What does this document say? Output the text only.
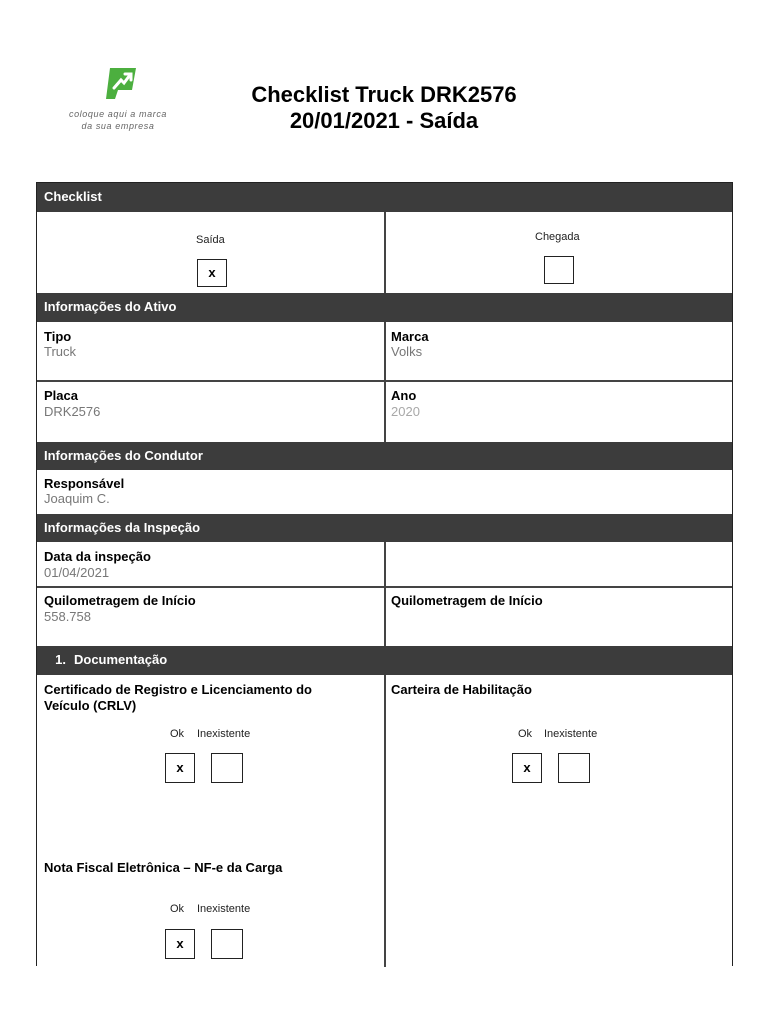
coloque aqui a marca
da sua empresa
Checklist Truck DRK2576
20/01/2021 - Saída
Checklist
Saída
x
Chegada
Informações do Ativo
Tipo
Truck
Marca
Volks
Placa
DRK2576
Ano
2020
Informações do Condutor
Responsável
Joaquim C.
Informações da Inspeção
Data da inspeção
01/04/2021
Quilometragem de Início
558.758
Quilometragem de Início
1. Documentação
Certificado de Registro e Licenciamento do
Veículo (CRLV)
Ok Inexistente
x
Carteira de Habilitação
Ok Inexistente
x
Nota Fiscal Eletrônica – NF-e da Carga
Ok Inexistente
x
